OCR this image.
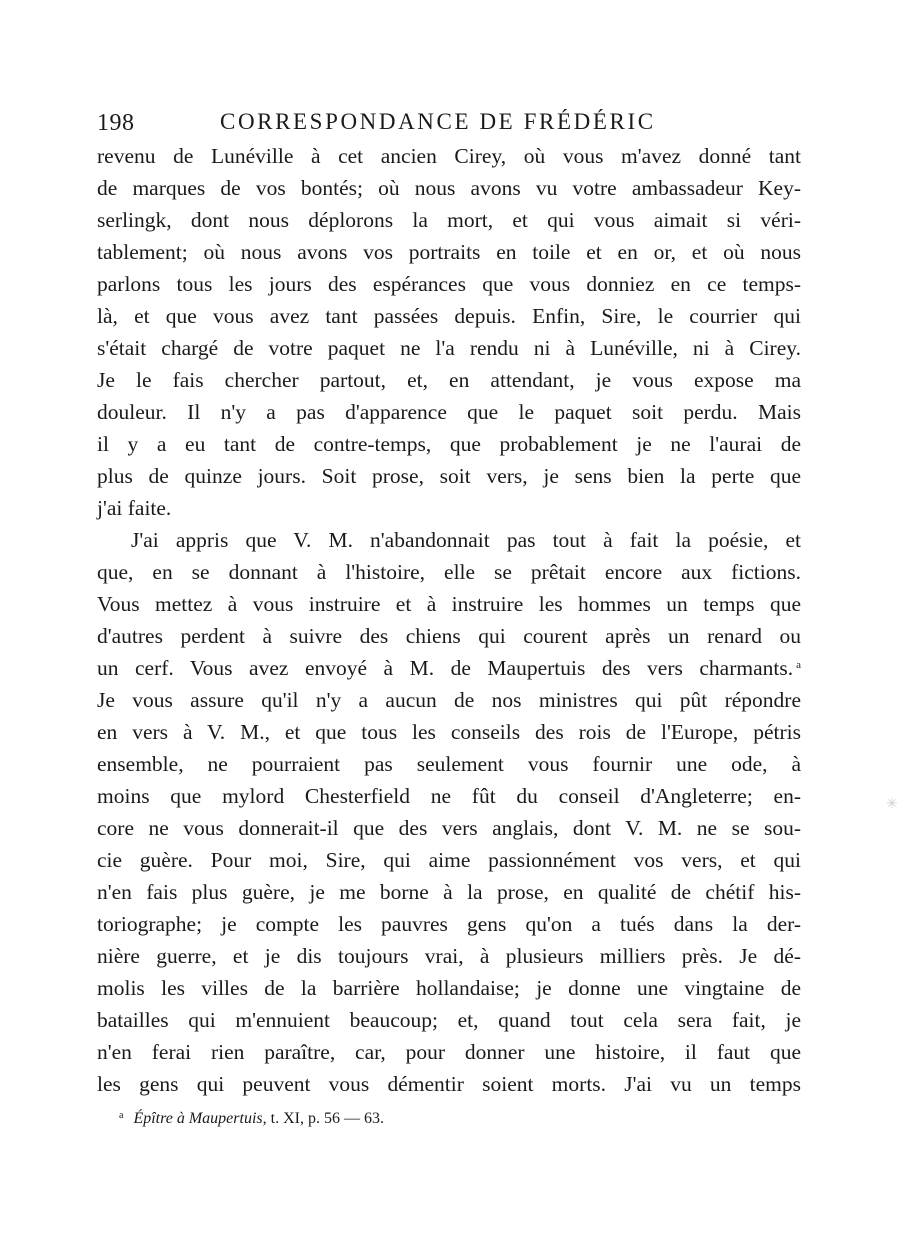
198	CORRESPONDANCE DE FRÉDÉRIC
revenu de Lunéville à cet ancien Cirey, où vous m'avez donné tant
de marques de vos bontés; où nous avons vu votre ambassadeur Key-
serlingk, dont nous déplorons la mort, et qui vous aimait si véri-
tablement; où nous avons vos portraits en toile et en or, et où nous
parlons tous les jours des espérances que vous donniez en ce temps-
là, et que vous avez tant passées depuis. Enfin, Sire, le courrier qui
s'était chargé de votre paquet ne l'a rendu ni à Lunéville, ni à Cirey.
Je le fais chercher partout, et, en attendant, je vous expose ma
douleur. Il n'y a pas d'apparence que le paquet soit perdu. Mais
il y a eu tant de contre-temps, que probablement je ne l'aurai de
plus de quinze jours. Soit prose, soit vers, je sens bien la perte que
j'ai faite.
J'ai appris que V. M. n'abandonnait pas tout à fait la poésie, et
que, en se donnant à l'histoire, elle se prêtait encore aux fictions.
Vous mettez à vous instruire et à instruire les hommes un temps que
d'autres perdent à suivre des chiens qui courent après un renard ou
un cerf. Vous avez envoyé à M. de Maupertuis des vers charmants. $^a$
Je vous assure qu'il n'y a aucun de nos ministres qui pût répondre
en vers à V. M., et que tous les conseils des rois de l'Europe, pétris
ensemble, ne pourraient pas seulement vous fournir une ode, à
moins que mylord Chesterfield ne fût du conseil d'Angleterre; en-
core ne vous donnerait-il que des vers anglais, dont V. M. ne se sou-
cie guère. Pour moi, Sire, qui aime passionnément vos vers, et qui
n'en fais plus guère, je me borne à la prose, en qualité de chétif his-
toriographe; je compte les pauvres gens qu'on a tués dans la der-
nière guerre, et je dis toujours vrai, à plusieurs milliers près. Je dé-
molis les villes de la barrière hollandaise; je donne une vingtaine de
batailles qui m'ennuient beaucoup; et, quand tout cela sera fait, je
n'en ferai rien paraître, car, pour donner une histoire, il faut que
les gens qui peuvent vous démentir soient morts. J'ai vu un temps
$^a$ Épître à Maupertuis, t. XI, p. 56 — 63.
✳
